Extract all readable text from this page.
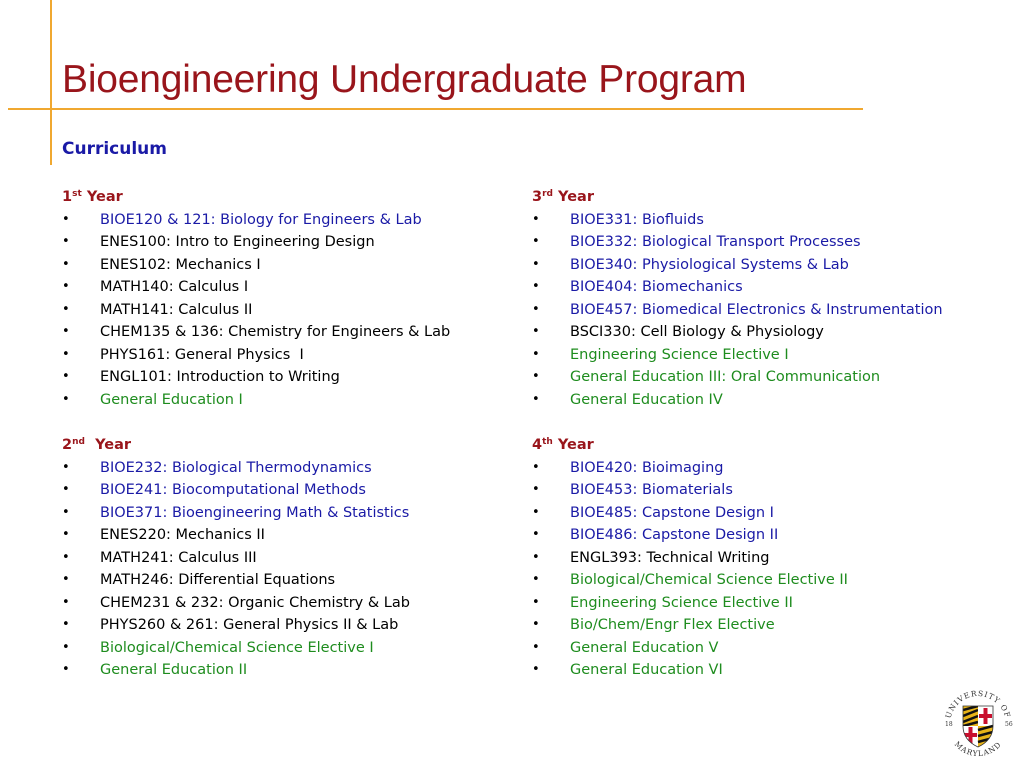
Bioengineering Undergraduate Program
Curriculum
1st Year
• BIOE120 & 121: Biology for Engineers & Lab
• ENES100: Intro to Engineering Design
• ENES102: Mechanics I
• MATH140: Calculus I
• MATH141: Calculus II
• CHEM135 & 136: Chemistry for Engineers & Lab
• PHYS161: General Physics  I
• ENGL101: Introduction to Writing
• General Education I
2nd  Year
• BIOE232: Biological Thermodynamics
• BIOE241: Biocomputational Methods
• BIOE371: Bioengineering Math & Statistics
• ENES220: Mechanics II
• MATH241: Calculus III
• MATH246: Differential Equations
• CHEM231 & 232: Organic Chemistry & Lab
• PHYS260 & 261: General Physics II & Lab
• Biological/Chemical Science Elective I
• General Education II
3rd Year
• BIOE331: Biofluids
• BIOE332: Biological Transport Processes
• BIOE340: Physiological Systems & Lab
• BIOE404: Biomechanics
• BIOE457: Biomedical Electronics & Instrumentation
• BSCI330: Cell Biology & Physiology
• Engineering Science Elective I
• General Education III: Oral Communication
• General Education IV
4th Year
• BIOE420: Bioimaging
• BIOE453: Biomaterials
• BIOE485: Capstone Design I
• BIOE486: Capstone Design II
• ENGL393: Technical Writing
• Biological/Chemical Science Elective II
• Engineering Science Elective II
• Bio/Chem/Engr Flex Elective
• General Education V
• General Education VI
UNIVERSITY OF
MARYLAND
18	56
